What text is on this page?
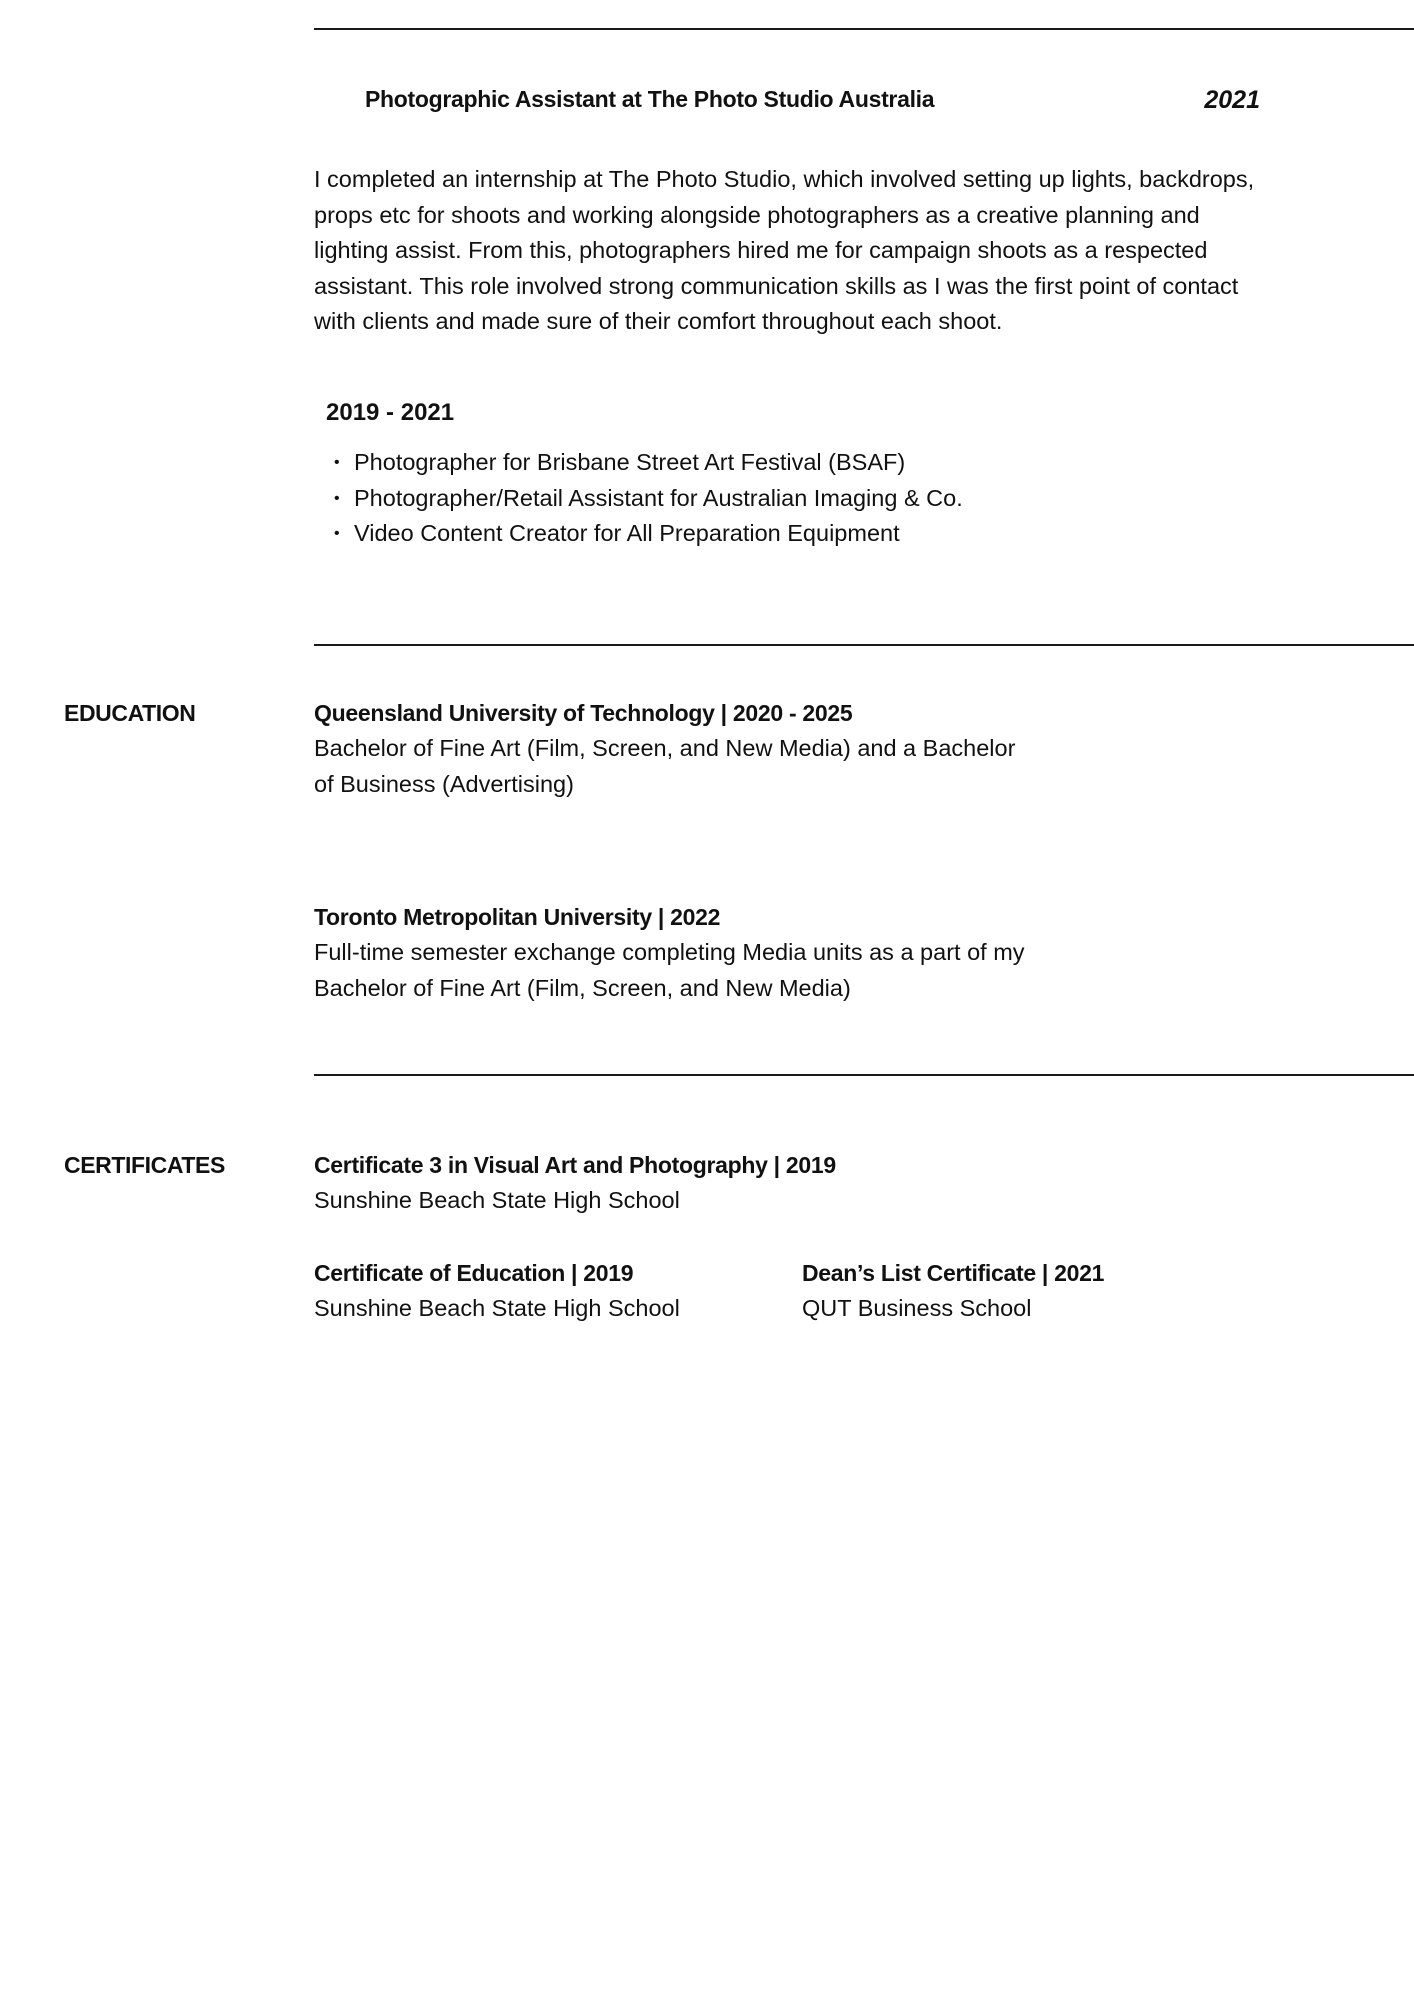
Photographic Assistant at The Photo Studio Australia	2021
I completed an internship at The Photo Studio, which involved setting up lights, backdrops,
props etc for shoots and working alongside photographers as a creative planning and
lighting assist. From this, photographers hired me for campaign shoots as a respected
assistant. This role involved strong communication skills as I was the first point of contact
with clients and made sure of their comfort throughout each shoot.
2019 - 2021
• Photographer for Brisbane Street Art Festival (BSAF)
• Photographer/Retail Assistant for Australian Imaging & Co.
• Video Content Creator for All Preparation Equipment
EDUCATION	Queensland University of Technology | 2020 - 2025
Bachelor of Fine Art (Film, Screen, and New Media) and a Bachelor
of Business (Advertising)
Toronto Metropolitan University | 2022
Full-time semester exchange completing Media units as a part of my
Bachelor of Fine Art (Film, Screen, and New Media)
CERTIFICATES	Certificate 3 in Visual Art and Photography | 2019
Sunshine Beach State High School
Certificate of Education | 2019
Sunshine Beach State High School
Dean’s List Certificate | 2021
QUT Business School
